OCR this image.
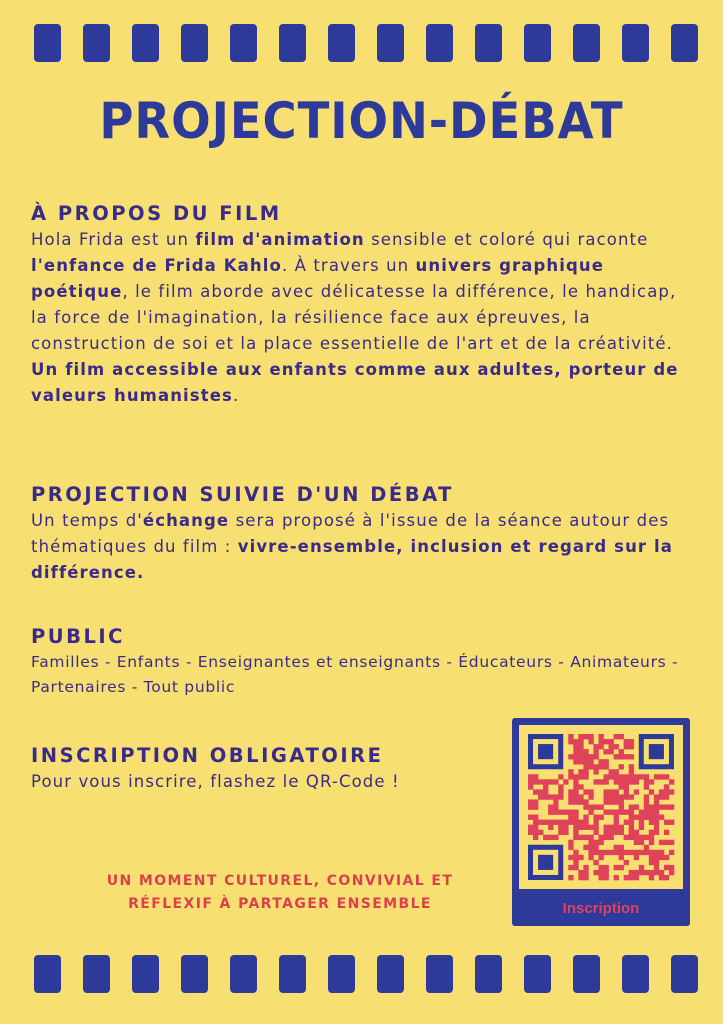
PROJECTION-DÉBAT
À PROPOS DU FILM

Hola Frida est un film d'animation sensible et coloré qui raconte l'enfance de Frida Kahlo. À travers un univers graphique poétique, le film aborde avec délicatesse la différence, le handicap, la force de l'imagination, la résilience face aux épreuves, la construction de soi et la place essentielle de l'art et de la créativité. Un film accessible aux enfants comme aux adultes, porteur de valeurs humanistes.

PROJECTION SUIVIE D'UN DÉBAT

Un temps d'échange sera proposé à l'issue de la séance autour des thématiques du film : vivre-ensemble, inclusion et regard sur la différence.

PUBLIC

Familles - Enfants - Enseignantes et enseignants - Éducateurs - Animateurs - Partenaires - Tout public

INSCRIPTION OBLIGATOIRE

Pour vous inscrire, flashez le QR-Code !

UN MOMENT CULTUREL, CONVIVIAL ET
RÉFLEXIF À PARTAGER ENSEMBLE	Inscription
